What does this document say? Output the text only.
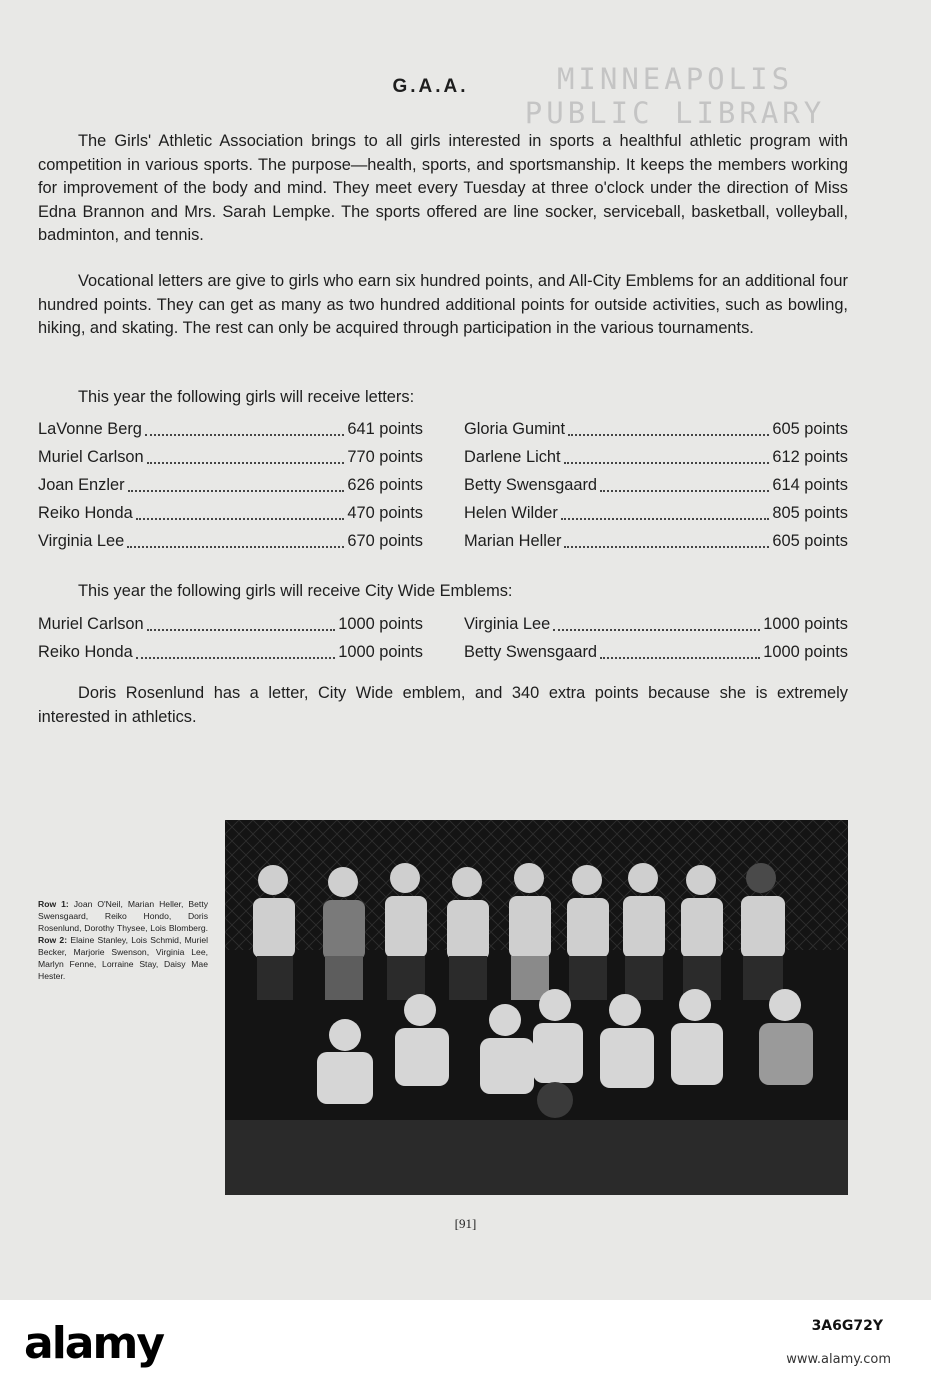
MINNEAPOLIS
PUBLIC LIBRARY
G.A.A.

The Girls' Athletic Association brings to all girls interested in sports a healthful athletic program with competition in various sports. The purpose—health, sports, and sportsmanship. It keeps the members working for improvement of the body and mind. They meet every Tuesday at three o'clock under the direction of Miss Edna Brannon and Mrs. Sarah Lempke. The sports offered are line socker, serviceball, basketball, volleyball, badminton, and tennis.

Vocational letters are give to girls who earn six hundred points, and All-City Emblems for an additional four hundred points. They can get as many as two hundred additional points for outside activities, such as bowling, hiking, and skating. The rest can only be acquired through participation in the various tournaments.

This year the following girls will receive letters:

LaVonne Berg	641 points
Muriel Carlson	770 points
Joan Enzler	626 points
Reiko Honda	470 points
Virginia Lee	670 points
Gloria Gumint	605 points
Darlene Licht	612 points
Betty Swensgaard	614 points
Helen Wilder	805 points
Marian Heller	605 points

This year the following girls will receive City Wide Emblems:

Muriel Carlson	1000 points
Reiko Honda	1000 points
Virginia Lee	1000 points
Betty Swensgaard	1000 points

Doris Rosenlund has a letter, City Wide emblem, and 340 extra points because she is extremely interested in athletics.

Row 1: Joan O'Neil, Marian Heller, Betty Swensgaard, Reiko Hondo, Doris Rosenlund, Dorothy Thysee, Lois Blomberg. Row 2: Elaine Stanley, Lois Schmid, Muriel Becker, Marjorie Swenson, Virginia Lee, Marlyn Fenne, Lorraine Stay, Daisy Mae Hester.
[91]
alamy	3A6G72Y
www.alamy.com
